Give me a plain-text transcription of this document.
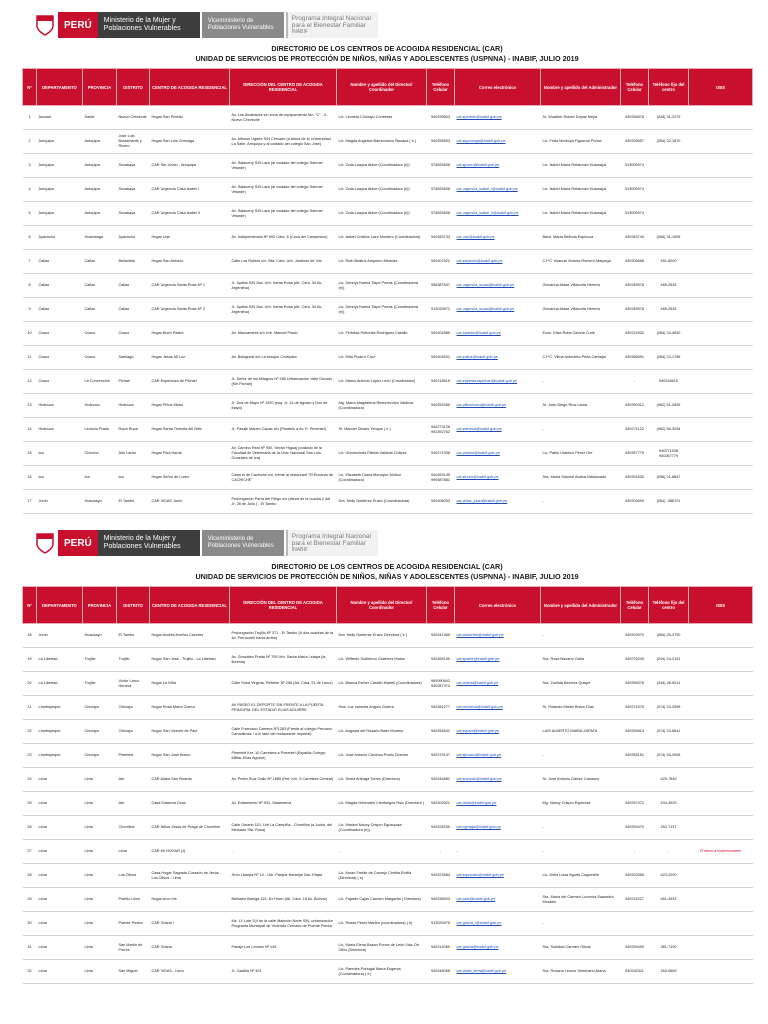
PERÚ	Ministerio de la Mujer y Poblaciones Vulnerables
Viceministerio de Poblaciones Vulnerables
Programa Integral Nacional para el Bienestar Familiar
INABIF
DIRECTORIO DE LOS CENTROS DE ACOGIDA RESIDENCIAL (CAR)
UNIDAD DE SERVICIOS DE PROTECCIÓN DE NIÑOS, NIÑAS Y ADOLESCENTES (USPNNA) - INABIF, JULIO 2019
Nº	DEPARTAMENTO	PROVINCIA	DISTRITO	CENTRO DE ACOGIDA RESIDENCIAL	DIRECCIÓN DEL CENTRO DE ACOGIDA RESIDENCIAL	Nombre y apellido del Director/ Coordinador	Teléfono Celular	Correo electrónico	Nombre y apellido del Administrador	Teléfono Celular	Teléfono fijo del centro	OBS
1	Ancash	Santa	Nuevo Chimbote	Hogar San Pedrito	Av. Los Alcatraces s/n zona de equipamiento Mz. "C" - II - Nuevo Chimbote	Lic. Leonela Chiclayo Contreras	940299603	car.spedrito@inabif.gob.pe	Sr. Wuather Rubén Dopaz Mejía	940256878	(043) 31-2279	
2	Arequipa	Arequipa	José Luis Bustamante y Rivero	Hogar San Luis Gonzaga	Av. Alfonso Ugarte S/N Cercado (a altura de la Universidad La Salle, Arequipa y al costado del colegio San José)	Lic. Magda Angélica Barrionuevo Ñauapa ( e )	940256593	car.slgonzaga@inabif.gob.pe	Lic. Frida Montoya Figueroa Ponce	940299657	(054) 22-1870	
3	Arequipa	Arequipa	Socabaya	CAR Ser Joven - Arequipa	Av. Salaverry S/N Lara (al costado del colegio Samuel Velarde)	Lic. Zoila Loayza Alave (Coordinadora (e))	974625638	car.sjoven@inabif.gob.pe	Lic. Isabel María Retamozo Huamaya	913005974		
4	Arequipa	Arequipa	Socabaya	CAR Urgencia Casa Isabel I	Av. Salaverry S/N Lara (al costado del colegio Samuel Velarde)	Lic. Zoila Loayza Alave (Coordinadora (e))	974625638	car.urgencia_isabel_i@inabif.gob.pe	Lic. Isabel María Retamozo Huamaya	913005974		
5	Arequipa	Arequipa	Socabaya	CAR Urgencia Casa Isabel II	Av. Salaverry S/N Lara (al costado del colegio Samuel Velarde)	Lic. Zoila Loayza Alave (Coordinadora (e))	974625638	car.urgencia_isabel_ii@inabif.gob.pe	Lic. Isabel María Retamozo Huamaya	913005974		
6	Ayacucho	Huamanga	Ayacucho	Hogar Urpi	Av. Independencia Nº 600 Cdra. 6 (Coca del Campesino)	Lic. Isabel Cristina Lazo Montero (Coordinadora)	940283733	car.urpi@inabif.gob.pe	Bach. María Belinda Espinoza	940283740	(066) 31-1905	
7	Callao	Callao	Bellavista	Hogar San Antonio	Calle Los Robles s/n, Bta. Cdra. Urb. Jardines de Viru	Lic. Ruth Beatriz Ampuero Miranda	940207522	car.santonio@inabif.gob.pe	C.P.C Yolanda Victoria Romero Mayorga	940206668	451-6200	
8	Callao	Callao	Callao	CAR Urgencia Santa Rosa Nº 1	Jr. Iquitos S/N 2da. Urb. Santa Rosa (Alt. Cdra. 34 Av. Argentina)	Lic. Dennys Karina Taipe Porras (Coordinadora (e))	956387547	car.urgencia_srosa@inabif.gob.pe	Giovanna Aldae Villacorta Herrera	940249978	465-2534	
9	Callao	Callao	Callao	CAR Urgencia Santa Rosa Nº 2	Jr. Iquitos S/N 2da. Urb. Santa Rosa (Alt. Cdra. 34 Av. Argentina)	Lic. Dennys Karina Taipe Porras (Coordinadora (e))	913033971	car.urgencia_srosa@inabif.gob.pe	Giovanna Aldae Villacorta Herrera	940249978	465-2534	
10	Cusco	Cusco	Cusco	Hogar Buen Pastor	Av. Manzanares s/n Urb. Manuel Prado	Lic. Felicitas Petronila Rodríguez Castillo	940204989	car.bpastor@inabif.gob.pe	Econ. Elise Roba Celoria Curie	940214932	(084) 24-4830	
11	Cusco	Cusco	Santiago	Hogar Jesús Mi Luz	Av. Bolognesi s/n La bosque Ccoripata	Lic. Elita Pizarro Cruz	940204531	car.jmiluz@inabif.gob.pe	C.P.C. Vilma Antonieta Peña Carbajal	940266691	(084) 23-1765	
12	Cusco	La Convención	Pichari	CAR Esperanza de Pichari	Jr. Señor de los Milagros Nº 285 Urbanización Valle Dorado - (Kiri Pichari)	Lic. Marco Antonio López León (Coordinador)	940218615	car.esperanzapichari@inabif.gob.pe	-	-	940218615	
13	Huánuco	Huánuco	Huánuco	Hogar Piños Mesa	Jr. Dos de Mayo Nº 1920 (esq. Jr. 14 de Agosto y Dos de Mayo)	Mg. María Magdalena Resurrección Valdivia (Coordinadora)	940253280	car.pillcomozo@inabif.gob.pe	Sr. Juan Diego Ríos Laura	940290312	(062) 51-2835	
14	Huánuco	Leoncio Prado	Rupa Rupa	Hogar Santa Teresita del Niño	Jr. Pasaje Manco Capac s/n (Paralelo a Av. E. Pimentel)	Sr. Manuel Dioses Yenque ( e )	940273126 992392762	car.stteresa@inabif.gob.pe	-	940271122	(062) 56-3034	
15	Ica	Chincha	Alto Larán	Hogar Paúl Harris	Av. Camino Real Nº 900, Sector Higuaj (costado de la Facultad de Veterinaria de la Univ. Nacional San Luis Gonzales de Ica)	Lic. Gumercinda Elleida Valdivia Chávez	940271538	car.pharris@inabif.gob.pe	Lic. Pablo Ulderico Perez Ore	940267779	940271538 940267779	
16	Ica	Ica	Ica	Hogar Señor de Luren	Caserío de Cachiche s/n, frente al restaurant "El Encanto de CACHICHE"	Lic. Elizabeth Diana Munayco Muñoz (Coordinadora)	940269135 999387881	car.sluren@inabif.gob.pe	Sra. María Salomé Avalos Maldonado	940251830	(056) 21-8847	
17	Junín	Huancayo	El Tambo	CAR VIDAS Junín	Prolongación Parra del Riego s/n (altura de la cuadra 2 del Jr. 28 de Julio ) - El Tambo	Dra. Nelly Gutiérrez Erazo (Coordinadora)	940208093	car.vidas_junin@inabif.gob.pe	-	940202690	(064) -388701	
PERÚ	Ministerio de la Mujer y Poblaciones Vulnerables
Viceministerio de Poblaciones Vulnerables
Programa Integral Nacional para el Bienestar Familiar
INABIF
DIRECTORIO DE LOS CENTROS DE ACOGIDA RESIDENCIAL (CAR)
UNIDAD DE SERVICIOS DE PROTECCIÓN DE NIÑOS, NIÑAS Y ADOLESCENTES (USPNNA) - INABIF, JULIO 2019
Nº	DEPARTAMENTO	PROVINCIA	DISTRITO	CENTRO DE ACOGIDA RESIDENCIAL	DIRECCIÓN DEL CENTRO DE ACOGIDA RESIDENCIAL	Nombre y apellido del Director/ Coordinador	Teléfono Celular	Correo electrónico	Nombre y apellido del Administrador	Teléfono Celular	Teléfono fijo del centro	OBS
18	Junín	Huancayo	El Tambo	Hogar Andrés Avelino Cáceres	Prolongación Trujillo Nº 371 - El Tambo (A dos cuadras de la Av. Ferrocarril hacia arriba)	Dra. Nelly Gutiérrez Erazo Directora ( e )	940241365	car.acaceres@inabif.gob.pe	-	940203970	(064) 25-3790	
19	La Libertad	Trujillo	Trujillo	Hogar San José - Trujillo - La Libertad	Av. González Prada Nº 705 Urb. Santa María I etapa (la floresta)	Lic. Wilfredo Guillermo Gutiérrez Matos	940265199	car.sjosetr@inabif.gob.pe	Sra. Rosa Navarro Galla	940276249	(044) 24-2151	
20	La Libertad	Trujillo	Víctor Larco Herrera	Hogar La Niña	Calle Rosa Virginia, Pelletier Nº 256 (Alt. Cdra. 21 de Larco)	Lic. Blanca Esther Castillo Martell (Coordinadora)	969090642 940287474	car.lanina@inabif.gob.pe	Sra. Zunilda Becerra Quispe	940256376	(044) 28-5011	
21	Lambayeque	Chiclayo	Chiclayo	Hogar Rosa María Checa	AV PASEO EL DEPORTE S/N FRENTE A LA PUERTA PRINCIPAL DEL ESTADIO ELIAS AGUIRRE	Hna. Luz carmela Angulo Guerra	940281277	car.rmcheca@inabif.gob.pe	Sr. Rolando Martin Bravo Díaz	940274375	(074) 23-2599	
22	Lambayeque	Chiclayo	Chiclayo	Hogar San Vicente de Paul	Calle Francisco Cabrera Nº1283 (Frente al colegio Peruano Canadiense / a el lado del restaurante Imperial)	Lic. Augusta del Rosario Bado Moreno	940254842	car.svpaul@inabif.gob.pe	LUIS ALBERTO MAIRA ZAPATA	940255813	(074) 23-6641	
23	Lambayeque	Chiclayo	Pimentel	Hogar San Juan Bosco	Pimentel Km. 10 Carretera a Pimentel (Espalda Colegio Militar Elías Aguirre)	Lic. José Antonio Córdova Prado Director	940279137	car.sjbosco@inabif.gob.pe	-	940255151	(074) 45-2906	
24	Lima	Lima	Ate	CAR Aldea San Ricardo	Av. Pedro Ruiz Gallo Nº 1885 (Ref. Km. 9 Carretera Central)	Lic. Sinea Arteaga Torres (Directora)	940244682	car.sricardo@inabif.gob.pe	Sr. José Antonio Gálvez Carrasco		520-7549	
25	Lima	Lima	Ate	Casa Estancia Domi	Av. Evitamiento Nº 931, Salamanca	Lic. Magda Gertrudes Cienfuegos Ruiz (Directora )	940209321	car.domi@inabif.gob.pe	Mg. Nancy Crispín Espinoza	940297472	434-3929	
26	Lima	Lima	Chorrillos	CAR Niños Jesús de Praga de Chorrillos	Calle Ontario 110, Urb La Campiña - Chorrillos (a 1cdra. del Mercado Sta. Rosa)	Lic. Marisol Nancy Crispín Eguaquiza (Coordinadora (e))	940228259	car.njpraga@inabif.gob.pe	-	940253470	252-7137	
27	Lima	Lima	Lima	CAR MI HOGAR (J)	-	-	-	-	-	-	-	Próximo a implementarse
28	Lima	Lima	Los Olivos	Casa Hogar Sagrado Corazón de Jesús - Los Olivos - Lima	Jirón Llampa Nº 14 - Urb. Parque Naranjal 2do. Etapa	Lic. Arnao Farfán de Carnejo Cinthia Emilia (Directora) ( e)	940223584	car.scjesuslo@inabif.gob.pe	Lic. Delia Luisa Agurto Caqueville	940203365	523-2200	
29	Lima	Lima	Pueblo Libre	Hogar Arco Iris	Belisario Barriga 115 -Ex Huerí (Alt. Cdra. 15 Av. Bolívar)	Lic. Fajardo Cajas Carmen Margarita ( Directora)	940238003	car.airis@inabif.gob.pe	Sra. María del Carmen Lucrecia Saavedra Morales	940215227	461-3433	
30	Lima	Lima	Puente Piedra	CAR Gracia I	Mz. L1 Lote 2(4 de la calle Malecón Norte S/N, urbanización Programa Municipal de Vivienda Cercado de Puente Piedra	Lic. Rosas Pérez Maribu (coordinadora) ( e)	913033975	car.gracia_i@inabif.gob.pe	-			
31	Lima	Lima	San Martín de Porres	CAR Gracia	Pasaje Los Leones Nº 145	Lic. María Elena Bazan Ponce de León Vda. De Olivo (Directora)	940214089	car.gracia@inabif.gob.pe	Sra. Soledad Carmen Olivos	940226490	381-7190	
32	Lima	Lima	San Miguel	CAR VIDAS - Lima	Jr. Castilla Nº 301	Lic. Paredes Portugal María Eugenia (Coordinadora) ( e)	940248058	car.vidas_lima@inabif.gob.pe	Sra. Roxana Leonor Seminario Arana	940242311	263-0669	
